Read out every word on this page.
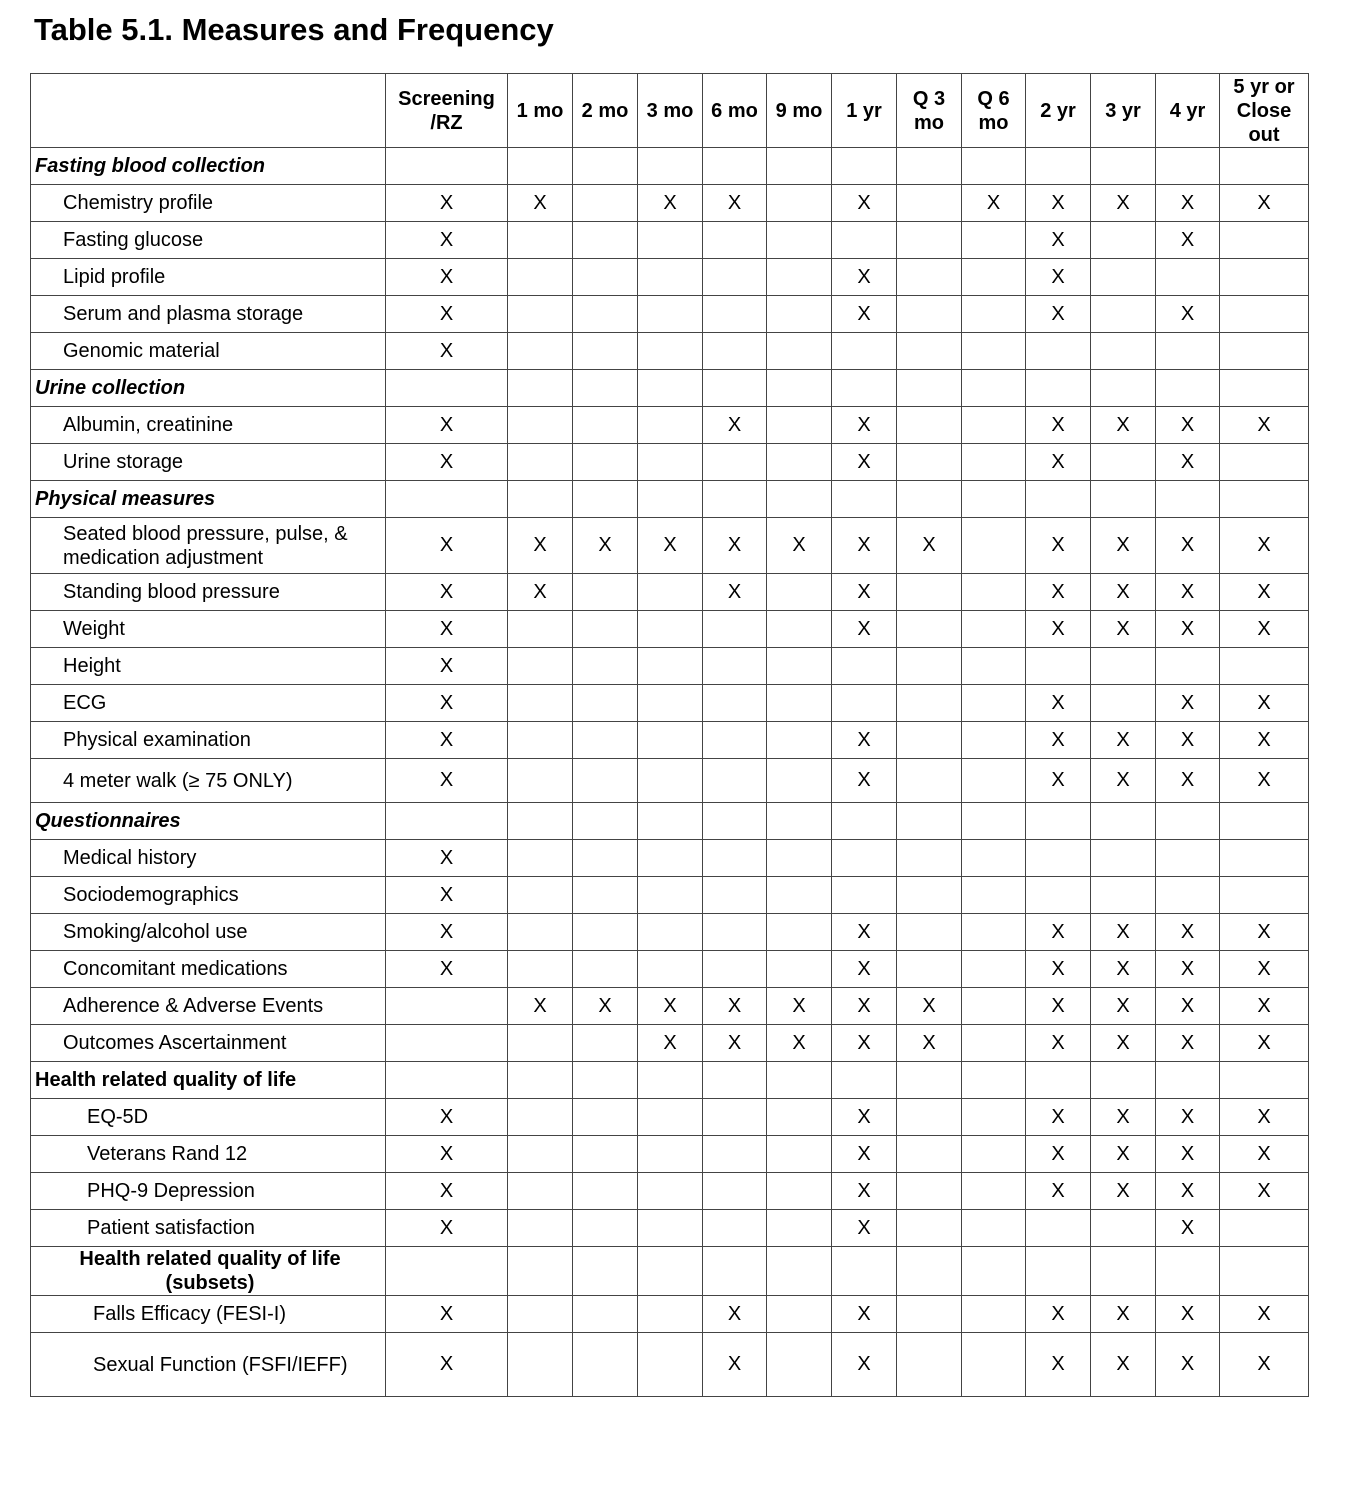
Table 5.1. Measures and Frequency
	Screening /RZ	1 mo	2 mo	3 mo	6 mo	9 mo	1 yr	Q 3 mo	Q 6 mo	2 yr	3 yr	4 yr	5 yr or Close out
Fasting blood collection													
Chemistry profile	X	X		X	X		X		X	X	X	X	X
Fasting glucose	X									X		X	
Lipid profile	X						X			X			
Serum and plasma storage	X						X			X		X	
Genomic material	X												
Urine collection													
Albumin, creatinine	X				X		X			X	X	X	X
Urine storage	X						X			X		X	
Physical measures													
Seated blood pressure, pulse, & medication adjustment	X	X	X	X	X	X	X	X		X	X	X	X
Standing blood pressure	X	X			X		X			X	X	X	X
Weight	X						X			X	X	X	X
Height	X												
ECG	X									X		X	X
Physical examination	X						X			X	X	X	X
4 meter walk (≥ 75 ONLY)	X						X			X	X	X	X
Questionnaires													
Medical history	X												
Sociodemographics	X												
Smoking/alcohol use	X						X			X	X	X	X
Concomitant medications	X						X			X	X	X	X
Adherence & Adverse Events		X	X	X	X	X	X	X		X	X	X	X
Outcomes Ascertainment				X	X	X	X	X		X	X	X	X
Health related quality of life													
EQ-5D	X						X			X	X	X	X
Veterans Rand 12	X						X			X	X	X	X
PHQ-9 Depression	X						X			X	X	X	X
Patient satisfaction	X						X					X	
Health related quality of life (subsets)													
Falls Efficacy (FESI-I)	X				X		X			X	X	X	X
Sexual Function (FSFI/IEFF)	X				X		X			X	X	X	X
